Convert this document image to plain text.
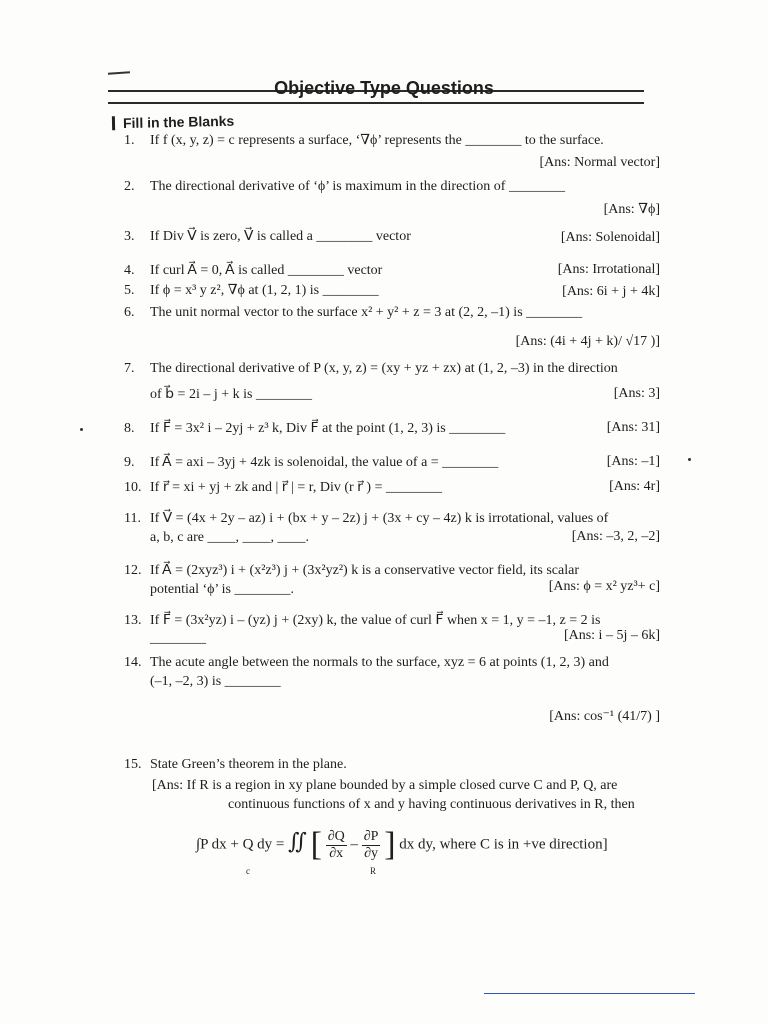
Objective Type Questions
Fill in the Blanks
1. If f (x, y, z) = c represents a surface, ‘∇ϕ’ represents the ________ to the surface.
[Ans: Normal vector]
2. The directional derivative of ‘ϕ’ is maximum in the direction of ________
[Ans: ∇ϕ]
3. If Div V⃗ is zero, V⃗ is called a ________ vector	[Ans: Solenoidal]
4. If curl A⃗ = 0, A⃗ is called ________ vector	[Ans: Irrotational]
5. If ϕ = x³ y z², ∇ϕ at (1, 2, 1) is ________	[Ans: 6i + j + 4k]
6. The unit normal vector to the surface x² + y² + z = 3 at (2, 2, –1) is ________
[Ans: (4i + 4j + k)/ √17 )]
7. The directional derivative of P (x, y, z) = (xy + yz + zx) at (1, 2, –3) in the direction
of b⃗ = 2i – j + k is ________	[Ans: 3]
8. If F⃗ = 3x² i – 2yj + z³ k, Div F⃗ at the point (1, 2, 3) is ________	[Ans: 31]
9. If A⃗ = axi – 3yj + 4zk is solenoidal, the value of a = ________	[Ans: –1]
10. If r⃗ = xi + yj + zk and | r⃗ | = r, Div (r r⃗ ) = ________	[Ans: 4r]
11. If V⃗ = (4x + 2y – az) i + (bx + y – 2z) j + (3x + cy – 4z) k is irrotational, values of
a, b, c are ____, ____, ____.	[Ans: –3, 2, –2]
12. If A⃗ = (2xyz³) i + (x²z³) j + (3x²yz²) k is a conservative vector field, its scalar
potential ‘ϕ’ is ________.	[Ans: ϕ = x² yz³+ c]
13. If F⃗ = (3x²yz) i – (yz) j + (2xy) k, the value of curl F⃗ when x = 1, y = –1, z = 2 is
________	[Ans: i – 5j – 6k]
14. The acute angle between the normals to the surface, xyz = 6 at points (1, 2, 3) and
(–1, –2, 3) is ________
[Ans: cos⁻¹ (41/7) ]
15. State Green’s theorem in the plane.
[Ans: If R is a region in xy plane bounded by a simple closed curve C and P, Q, are
continuous functions of x and y having continuous derivatives in R, then
∫P dx + Q dy = ∬ [ $\frac{\partial Q}{\partial x} - \frac{\partial P}{\partial y}$ ] dx dy, where C is in +ve direction]
c	R
